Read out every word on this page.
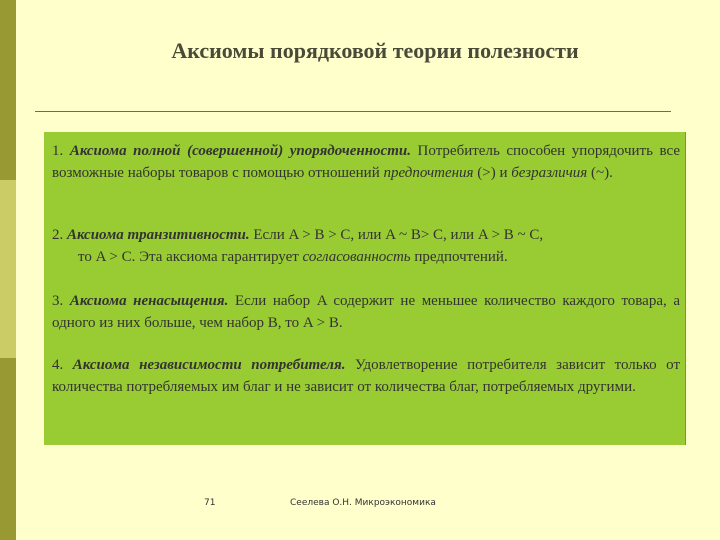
Аксиомы порядковой теории полезности

1. Аксиома полной (совершенной) упорядоченности. Потребитель способен упорядочить все возможные наборы товаров с помощью отношений предпочтения (>) и безразличия (~).

2. Аксиома транзитивности. Если A > B > C, или A ~ B> C, или A > B ~ C,
то A > C. Эта аксиома гарантирует согласованность предпочтений.

3. Аксиома ненасыщения. Если набор A содержит не меньшее количество каждого товара, а одного из них больше, чем набор B, то A > B.

4. Аксиома независимости потребителя. Удовлетворение потребителя зависит только от количества потребляемых им благ и не зависит от количества благ, потребляемых другими.

71	Сеелева О.Н. Микроэкономика
